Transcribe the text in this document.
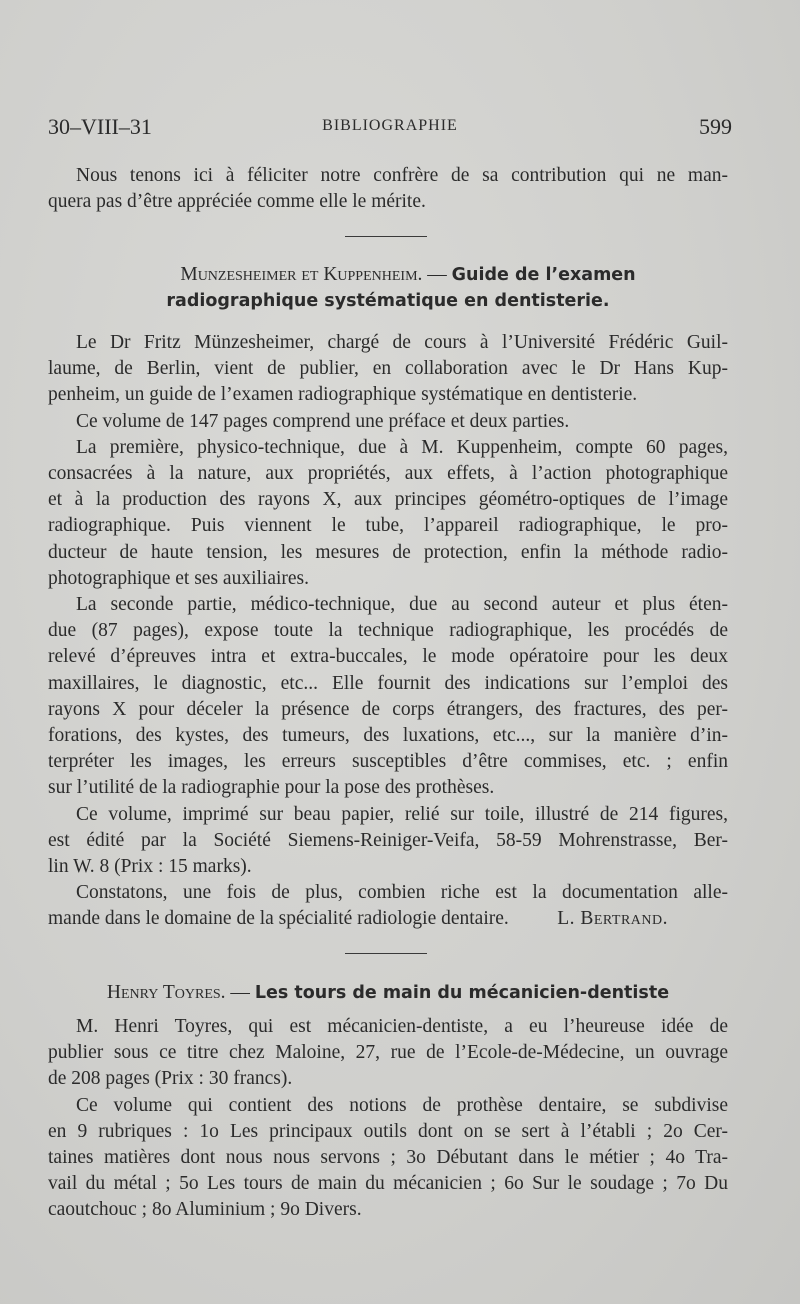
30–VIII–31	BIBLIOGRAPHIE	599
Nous tenons ici à féliciter notre confrère de sa contribution qui ne man-
quera pas d’être appréciée comme elle le mérite.
Munzesheimer et Kuppenheim. — Guide de l’examen
radiographique systématique en dentisterie.
Le Dr Fritz Münzesheimer, chargé de cours à l’Université Frédéric Guil-
laume, de Berlin, vient de publier, en collaboration avec le Dr Hans Kup-
penheim, un guide de l’examen radiographique systématique en dentisterie.
Ce volume de 147 pages comprend une préface et deux parties.
La première, physico-technique, due à M. Kuppenheim, compte 60 pages,
consacrées à la nature, aux propriétés, aux effets, à l’action photographique
et à la production des rayons X, aux principes géométro-optiques de l’image
radiographique. Puis viennent le tube, l’appareil radiographique, le pro-
ducteur de haute tension, les mesures de protection, enfin la méthode radio-
photographique et ses auxiliaires.
La seconde partie, médico-technique, due au second auteur et plus éten-
due (87 pages), expose toute la technique radiographique, les procédés de
relevé d’épreuves intra et extra-buccales, le mode opératoire pour les deux
maxillaires, le diagnostic, etc... Elle fournit des indications sur l’emploi des
rayons X pour déceler la présence de corps étrangers, des fractures, des per-
forations, des kystes, des tumeurs, des luxations, etc..., sur la manière d’in-
terpréter les images, les erreurs susceptibles d’être commises, etc. ; enfin
sur l’utilité de la radiographie pour la pose des prothèses.
Ce volume, imprimé sur beau papier, relié sur toile, illustré de 214 figures,
est édité par la Société Siemens-Reiniger-Veifa, 58-59 Mohrenstrasse, Ber-
lin W. 8 (Prix : 15 marks).
Constatons, une fois de plus, combien riche est la documentation alle-
mande dans le domaine de la spécialité radiologie dentaire.	L. Bertrand.
Henry Toyres. — Les tours de main du mécanicien-dentiste
M. Henri Toyres, qui est mécanicien-dentiste, a eu l’heureuse idée de
publier sous ce titre chez Maloine, 27, rue de l’Ecole-de-Médecine, un ouvrage
de 208 pages (Prix : 30 francs).
Ce volume qui contient des notions de prothèse dentaire, se subdivise
en 9 rubriques : 1o Les principaux outils dont on se sert à l’établi ; 2o Cer-
taines matières dont nous nous servons ; 3o Débutant dans le métier ; 4o Tra-
vail du métal ; 5o Les tours de main du mécanicien ; 6o Sur le soudage ; 7o Du
caoutchouc ; 8o Aluminium ; 9o Divers.
